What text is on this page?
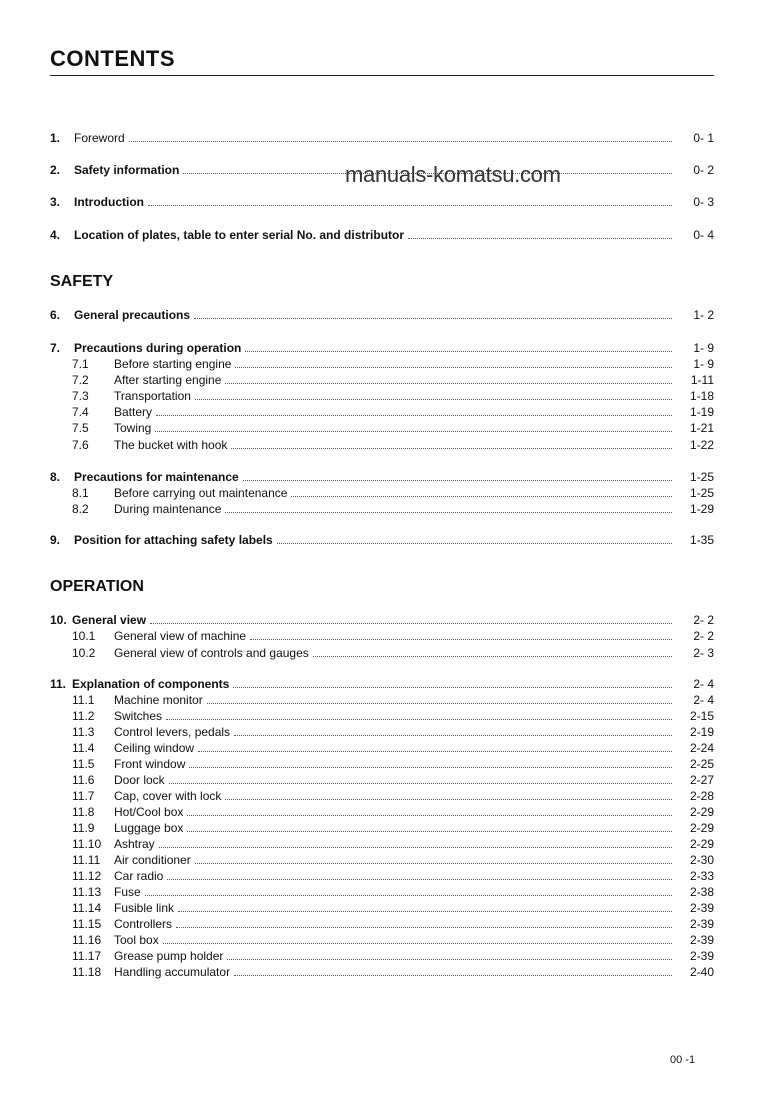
CONTENTS
1.	Foreword	0- 1
2.	Safety information	0- 2
3.	Introduction	0- 3
4.	Location of plates, table to enter serial No. and distributor	0- 4
manuals-komatsu.com
SAFETY
6.	General precautions	1- 2
7.	Precautions during operation	1- 9
7.1	Before starting engine	1- 9
7.2	After starting engine	1-11
7.3	Transportation	1-18
7.4	Battery	1-19
7.5	Towing	1-21
7.6	The bucket with hook	1-22
8.	Precautions for maintenance	1-25
8.1	Before carrying out maintenance	1-25
8.2	During maintenance	1-29
9.	Position for attaching safety labels	1-35
OPERATION
10. General view	2- 2
10.1	General view of machine	2- 2
10.2	General view of controls and gauges	2- 3
11. Explanation of components	2- 4
11.1	Machine monitor	2- 4
11.2	Switches	2-15
11.3	Control levers, pedals	2-19
11.4	Ceiling window	2-24
11.5	Front window	2-25
11.6	Door lock	2-27
11.7	Cap, cover with lock	2-28
11.8	Hot/Cool box	2-29
11.9	Luggage box	2-29
11.10	Ashtray	2-29
11.11	Air conditioner	2-30
11.12	Car radio	2-33
11.13	Fuse	2-38
11.14	Fusible link	2-39
11.15	Controllers	2-39
11.16	Tool box	2-39
11.17	Grease pump holder	2-39
11.18	Handling accumulator	2-40
00 -1
